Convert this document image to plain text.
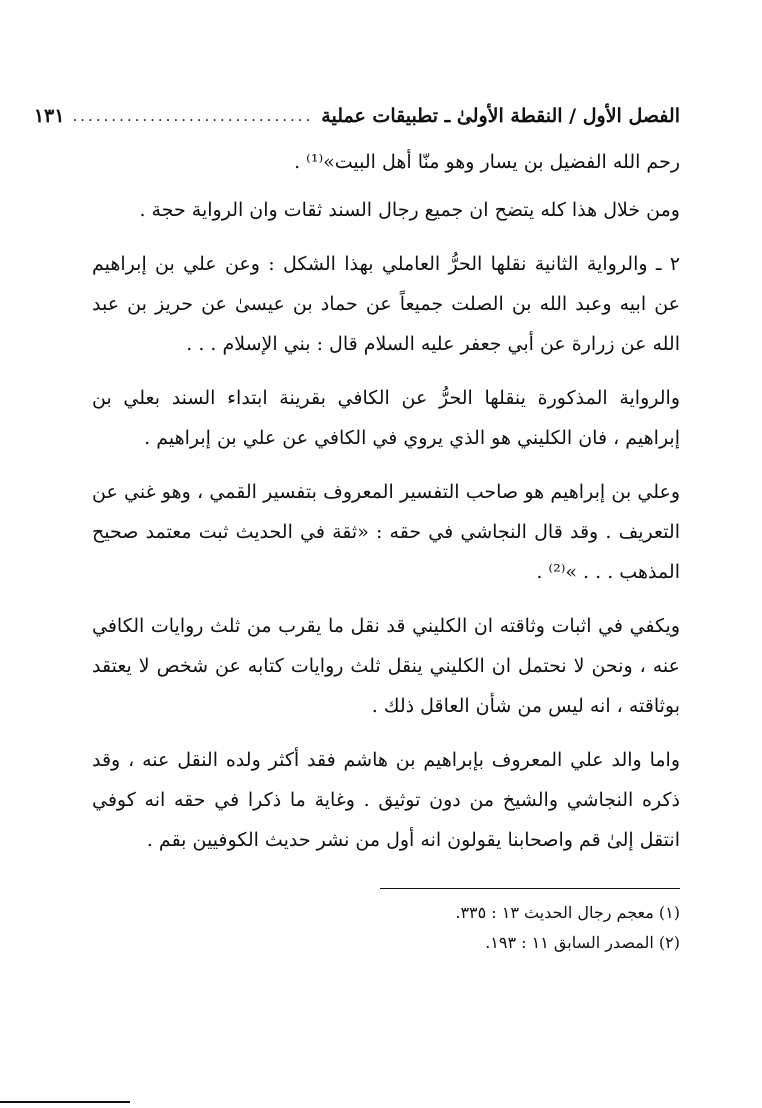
الفصل الأول / النقطة الأولىٰ ـ تطبيقات عملية
...............................
١٣١

رحم الله الفضيل بن يسار وهو منّا أهل البيت»⁽¹⁾ .

ومن خلال هذا كله يتضح ان جميع رجال السند ثقات وان الرواية حجة .

٢ ـ والرواية الثانية نقلها الحرُّ العاملي بهذا الشكل : وعن علي بن إبراهيم عن ابيه وعبد الله بن الصلت جميعاً عن حماد بن عيسىٰ عن حريز بن عبد الله عن زرارة عن أبي جعفر عليه السلام قال : بني الإسلام . . .

والرواية المذكورة ينقلها الحرُّ عن الكافي بقرينة ابتداء السند بعلي بن إبراهيم ، فان الكليني هو الذي يروي في الكافي عن علي بن إبراهيم .

وعلي بن إبراهيم هو صاحب التفسير المعروف بتفسير القمي ، وهو غني عن التعريف . وقد قال النجاشي في حقه : «ثقة في الحديث ثبت معتمد صحيح المذهب . . . »⁽²⁾ .

ويكفي في اثبات وثاقته ان الكليني قد نقل ما يقرب من ثلث روايات الكافي عنه ، ونحن لا نحتمل ان الكليني ينقل ثلث روايات كتابه عن شخص لا يعتقد بوثاقته ، انه ليس من شأن العاقل ذلك .

واما والد علي المعروف بإبراهيم بن هاشم فقد أكثر ولده النقل عنه ، وقد ذكره النجاشي والشيخ من دون توثيق . وغاية ما ذكرا في حقه انه كوفي انتقل إلىٰ قم واصحابنا يقولون انه أول من نشر حديث الكوفيين بقم .

(١) معجم رجال الحديث ١٣ : ٣٣٥.

(٢) المصدر السابق ١١ : ١٩٣.
